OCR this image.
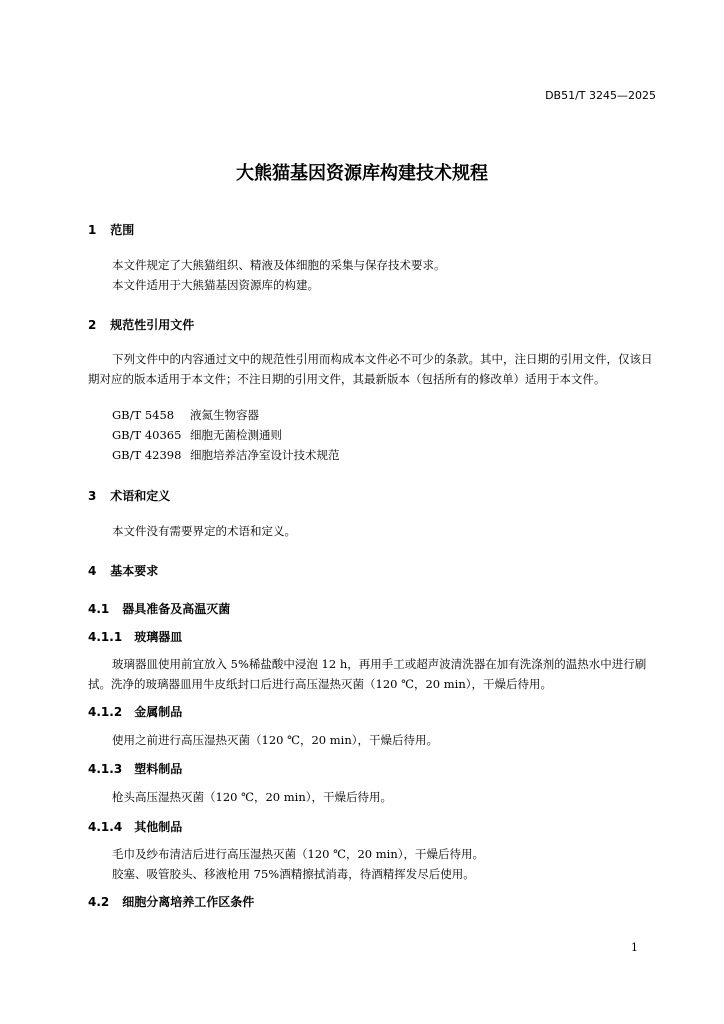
DB51/T 3245—2025
大熊猫基因资源库构建技术规程
1 范围
本文件规定了大熊猫组织、精液及体细胞的采集与保存技术要求。
本文件适用于大熊猫基因资源库的构建。
2 规范性引用文件
下列文件中的内容通过文中的规范性引用而构成本文件必不可少的条款。其中，注日期的引用文件，仅该日期对应的版本适用于本文件；不注日期的引用文件，其最新版本（包括所有的修改单）适用于本文件。
GB/T 5458 液氮生物容器
GB/T 40365 细胞无菌检测通则
GB/T 42398 细胞培养洁净室设计技术规范
3 术语和定义
本文件没有需要界定的术语和定义。
4 基本要求
4.1 器具准备及高温灭菌
4.1.1 玻璃器皿
玻璃器皿使用前宜放入 5%稀盐酸中浸泡 12 h，再用手工或超声波清洗器在加有洗涤剂的温热水中进行刷拭。洗净的玻璃器皿用牛皮纸封口后进行高压湿热灭菌（120 ℃，20 min），干燥后待用。
4.1.2 金属制品
使用之前进行高压湿热灭菌（120 ℃，20 min），干燥后待用。
4.1.3 塑料制品
枪头高压湿热灭菌（120 ℃，20 min），干燥后待用。
4.1.4 其他制品
毛巾及纱布清洁后进行高压湿热灭菌（120 ℃，20 min），干燥后待用。
胶塞、吸管胶头、移液枪用 75%酒精擦拭消毒，待酒精挥发尽后使用。
4.2 细胞分离培养工作区条件
1
